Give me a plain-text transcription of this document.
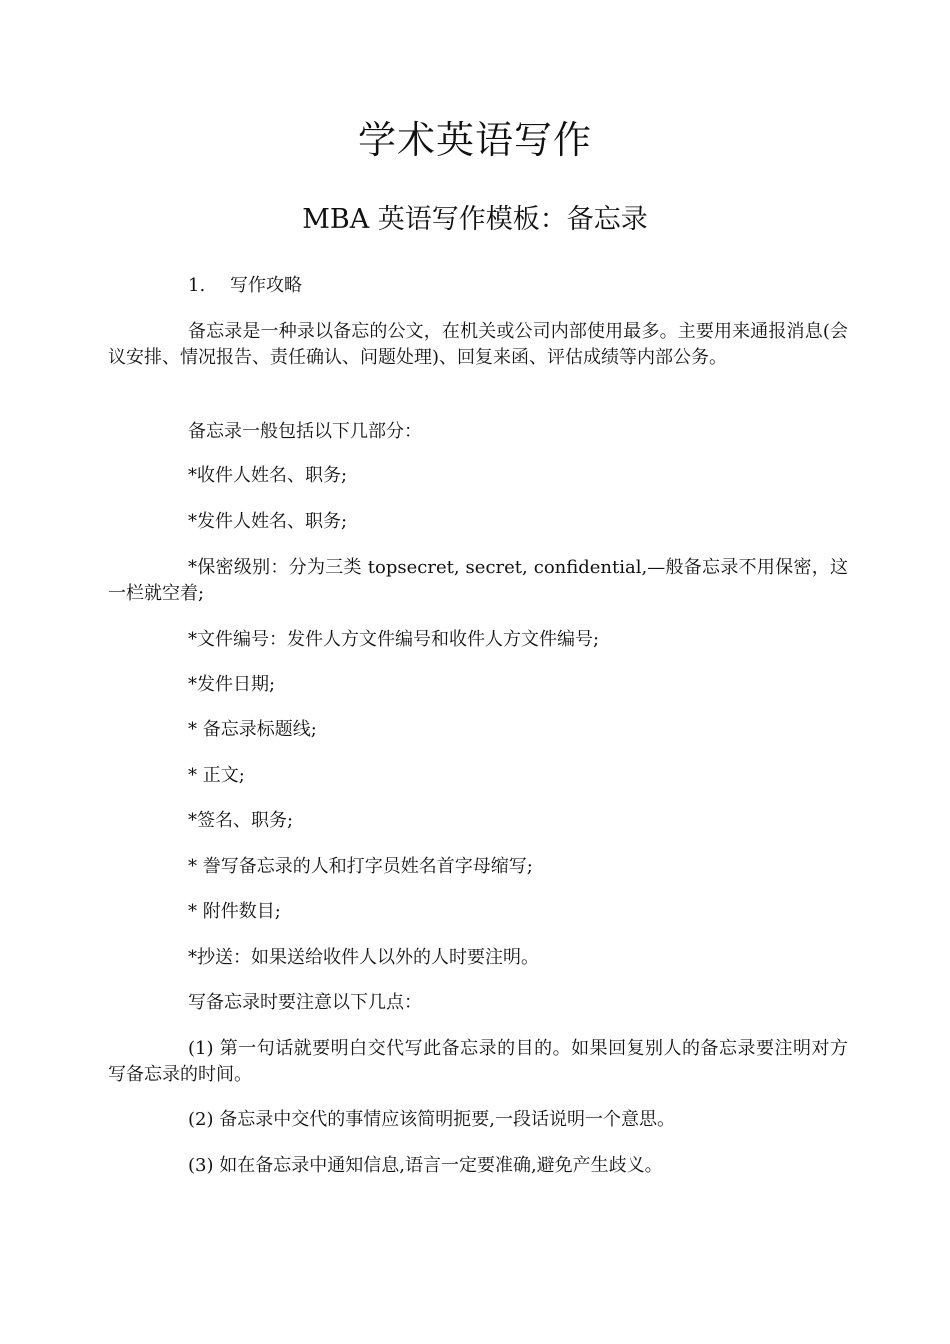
学术英语写作
MBA 英语写作模板：备忘录
1. 写作攻略
备忘录是一种录以备忘的公文，在机关或公司内部使用最多。主要用来通报消息(会议安排、情况报告、责任确认、问题处理)、回复来函、评估成绩等内部公务。
备忘录一般包括以下几部分：
*收件人姓名、职务;
*发件人姓名、职务;
*保密级别：分为三类 topsecret, secret, confidential,—般备忘录不用保密，这一栏就空着;
*文件编号：发件人方文件编号和收件人方文件编号;
*发件日期;
* 备忘录标题线;
* 正文;
*签名、职务;
* 誊写备忘录的人和打字员姓名首字母缩写;
* 附件数目;
*抄送：如果送给收件人以外的人时要注明。
写备忘录时要注意以下几点：
(1) 第一句话就要明白交代写此备忘录的目的。如果回复别人的备忘录要注明对方写备忘录的时间。
(2) 备忘录中交代的事情应该简明扼要,一段话说明一个意思。
(3) 如在备忘录中通知信息,语言一定要准确,避免产生歧义。
